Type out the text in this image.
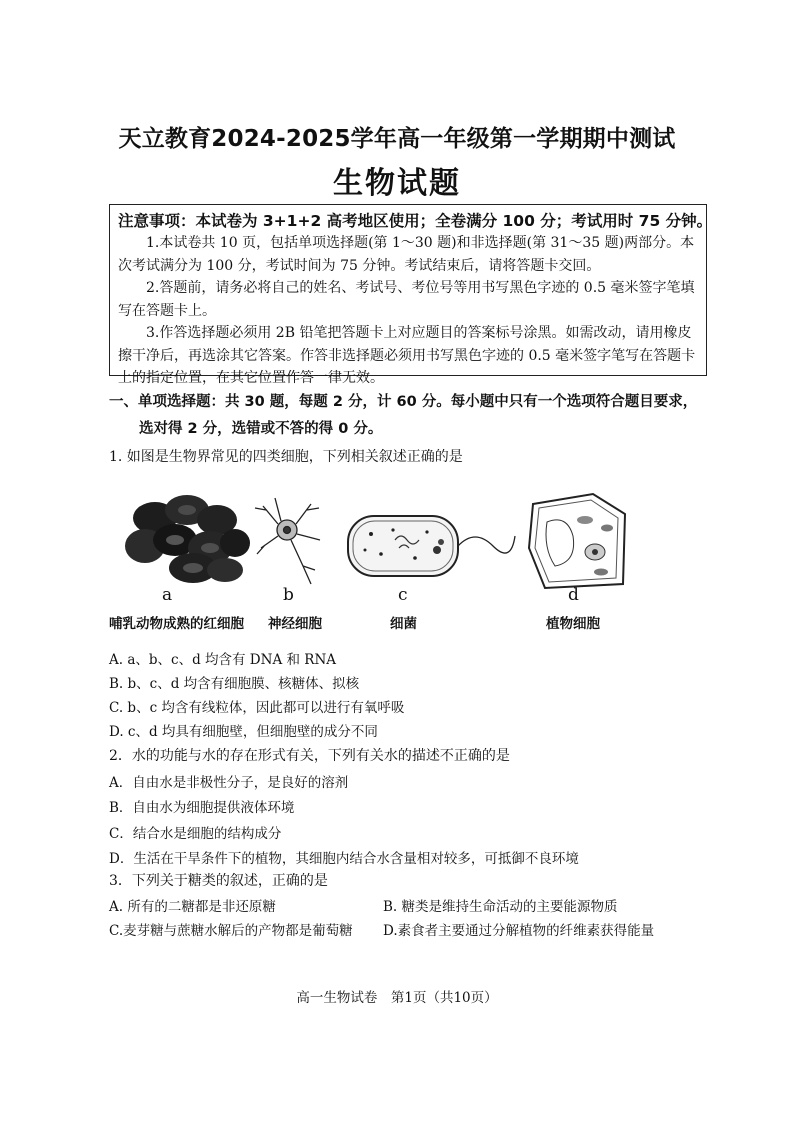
天立教育2024-2025学年高一年级第一学期期中测试
生物试题
注意事项：本试卷为 3+1+2 高考地区使用；全卷满分 100 分；考试用时 75 分钟。

1.本试卷共 10 页，包括单项选择题(第 1～30 题)和非选择题(第 31～35 题)两部分。本次考试满分为 100 分，考试时间为 75 分钟。考试结束后，请将答题卡交回。

2.答题前，请务必将自己的姓名、考试号、考位号等用书写黑色字迹的 0.5 毫米签字笔填写在答题卡上。

3.作答选择题必须用 2B 铅笔把答题卡上对应题目的答案标号涂黑。如需改动，请用橡皮擦干净后，再选涂其它答案。作答非选择题必须用书写黑色字迹的 0.5 毫米签字笔写在答题卡上的指定位置，在其它位置作答一律无效。

一、单项选择题：共 30 题，每题 2 分，计 60 分。每小题中只有一个选项符合题目要求，
选对得 2 分，选错或不答的得 0 分。
1. 如图是生物界常见的四类细胞，下列相关叙述正确的是
a	b	c	d
哺乳动物成熟的红细胞 神经细胞	细菌	植物细胞
A. a、b、c、d 均含有 DNA 和 RNA
B. b、c、d 均含有细胞膜、核糖体、拟核
C. b、c 均含有线粒体，因此都可以进行有氧呼吸
D. c、d 均具有细胞壁，但细胞壁的成分不同
2．水的功能与水的存在形式有关，下列有关水的描述不正确的是
A．自由水是非极性分子，是良好的溶剂
B．自由水为细胞提供液体环境
C．结合水是细胞的结构成分
D．生活在干旱条件下的植物，其细胞内结合水含量相对较多，可抵御不良环境
3．下列关于糖类的叙述，正确的是
A. 所有的二糖都是非还原糖	B. 糖类是维持生命活动的主要能源物质
C.麦芽糖与蔗糖水解后的产物都是葡萄糖 D.素食者主要通过分解植物的纤维素获得能量
高一生物试卷　第1页（共10页）
